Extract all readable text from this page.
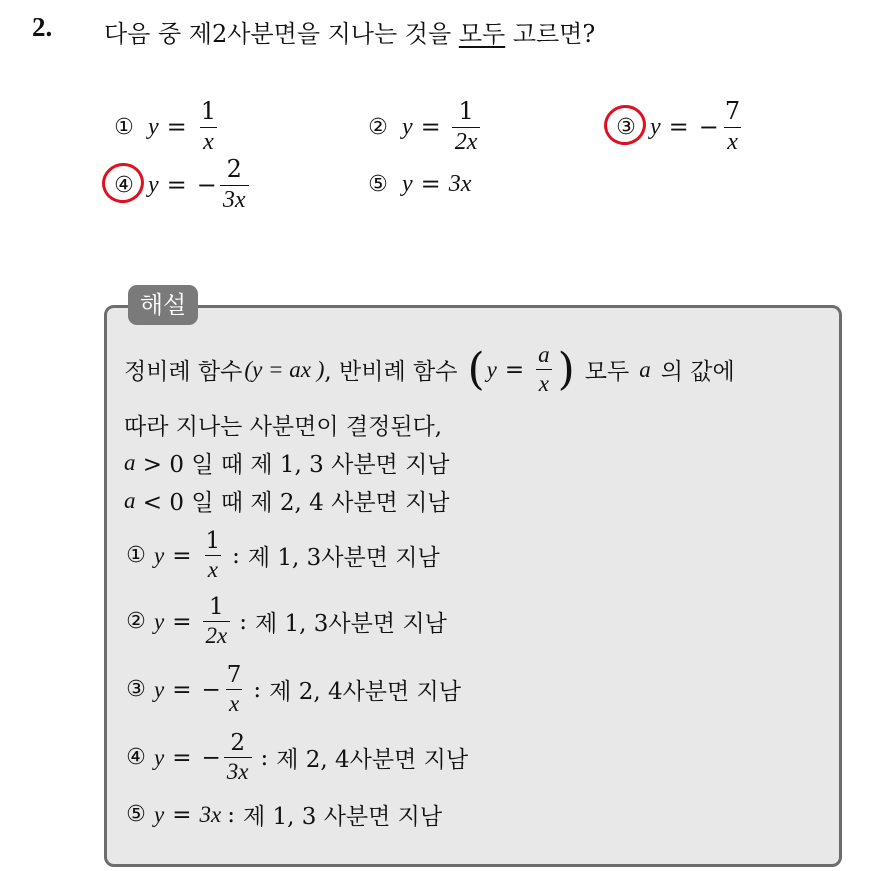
2. 다음 중 제2사분면을 지나는 것을 모두 고르면?
① $y = \frac{1}{x}$	② $y = \frac{1}{2x}$	③ y = − $\frac{7}{x}$
④ y = − $\frac{2}{3x}$	⑤ y = 3x
해설
정비례 함수 (y = ax ) , 반비례 함수 ( $y = \frac{a}{x}$ ) 모두 a 의 값에
따라 지나는 사분면이 결정된다,
a > 0 일 때 제 1, 3 사분면 지남
a < 0 일 때 제 2, 4 사분면 지남
① $y = \frac{1}{x}$ : 제 1, 3사분면 지남
② $y = \frac{1}{2x}$ : 제 1, 3사분면 지남
③ y = − $\frac{7}{x}$ : 제 2, 4사분면 지남
④ y = − $\frac{2}{3x}$ : 제 2, 4사분면 지남
⑤ y = 3x : 제 1, 3 사분면 지남
